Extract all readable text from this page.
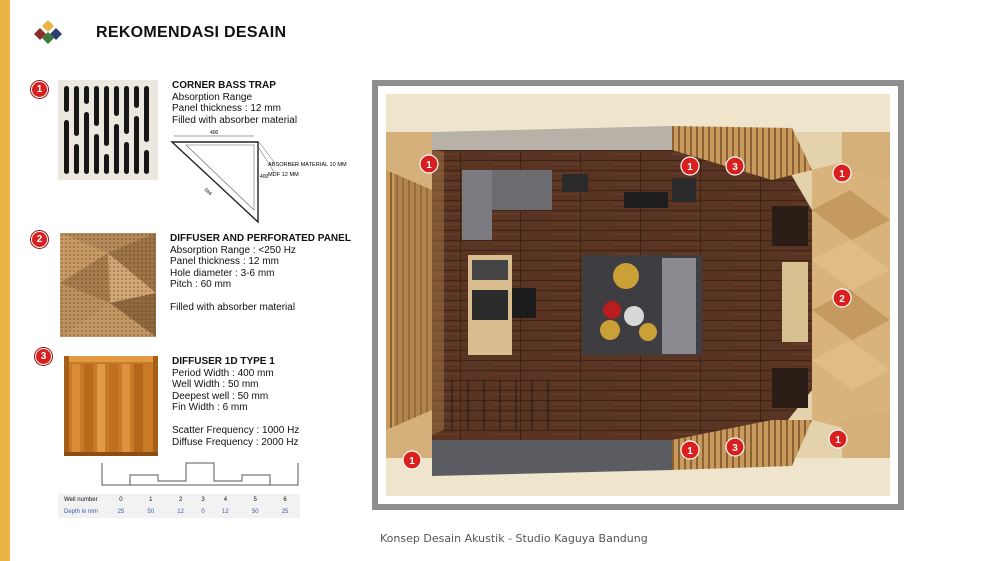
REKOMENDASI DESAIN
1	CORNER BASS TRAP
Absorption Range
Panel thickness : 12 mm
Filled with absorber material
400
400
566
ABSORBER MATERIAL 10 MM
MDF 12 MM
2	DIFFUSER AND PERFORATED PANEL
Absorption Range : <250 Hz
Panel thickness : 12 mm
Hole diameter : 3-6 mm
Pitch : 60 mm
Filled with absorber material
3	DIFFUSER 1D TYPE 1
Period Width : 400 mm
Well Width : 50 mm
Deepest well : 50 mm
Fin Width : 6 mm
Scatter Frequency : 1000 Hz
Diffuse Frequency : 2000 Hz
Well number	0	1	2	3	4	5	6
Depth in mm	25	50	12	0	12	50	25
1	1	3
1
2
1
1	3
1
Konsep Desain Akustik - Studio Kaguya Bandung
